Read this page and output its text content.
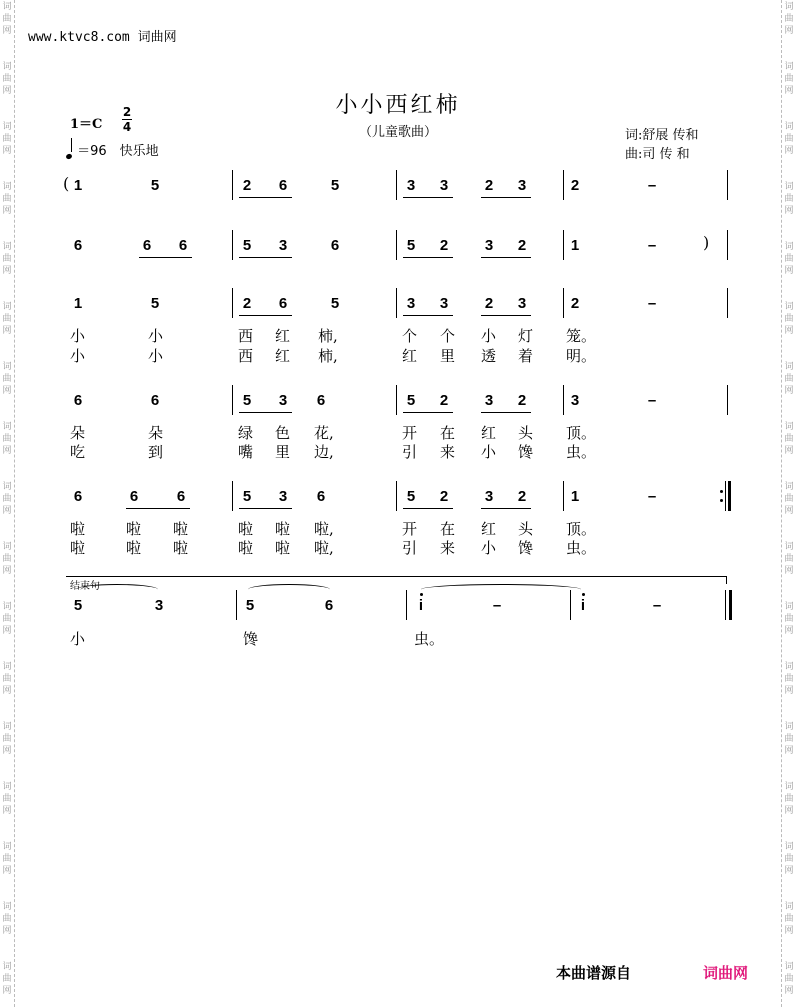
词
曲
网
词
曲
网
词
曲
网
词
曲
网
词
曲
网
词
曲
网
词
曲
网
词
曲
网
词
曲
网
词
曲
网
词
曲
网
词
曲
网
词
曲
网
词
曲
网
词
曲
网
词
曲
网
词
曲
网
词
曲
网
词
曲
网
词
曲
网
词
曲
网
词
曲
网
词
曲
网
词
曲
网
词
曲
网
词
曲
网
词
曲
网
词
曲
网
词
曲
网
词
曲
网
词
曲
网
词
曲
网
词
曲
网
词
曲
网
www.ktvc8.com 词曲网
小小西红柿
（儿童歌曲）
1＝C
2
4
＝96　快乐地
词:舒展 传和
曲:司 传 和
( 1	5	2 6	5	3 3 2 3	2	–
6	6 6	5 3	6	5 2 3 2	1	–	)
1	5	2 6	5	3 3 2 3	2	–
小	小	西 红 柿,	个 个 小 灯 笼。
小	小	西 红 柿,	红 里 透 着 明。
6	6	5 3 6	5 2 3 2	3	–
朵	朵	绿 色 花,	开 在 红 头 顶。
吃	到	嘴 里 边,	引 来 小 馋 虫。
6	6	6	5 3 6	5 2 3 2	1	–
啦	啦 啦	啦 啦 啦,	开 在 红 头 顶。
啦	啦 啦	啦 啦 啦,	引 来 小 馋 虫。
结束句
5	3	5	6	i	–	i	–
小	馋	虫。
本曲谱源自	词曲网
